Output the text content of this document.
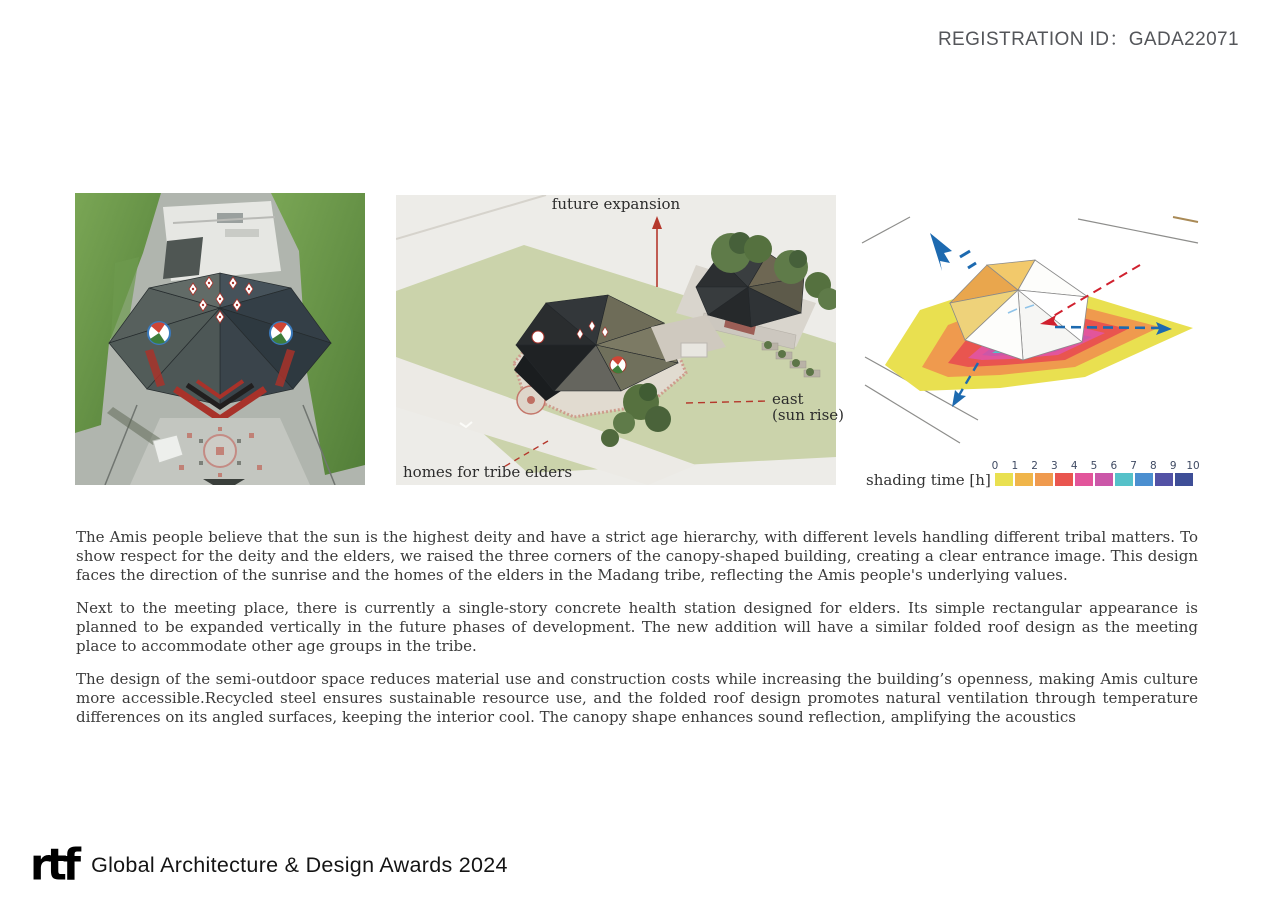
REGISTRATION ID：GADA22071
future expansion
east
(sun rise)
homes for tribe elders	shading time [h]
0 1 2 3 4 5 6 7 8 9 10

The Amis people believe that the sun is the highest deity and have a strict age hierarchy, with different levels handling different tribal matters. To show respect for the deity and the elders, we raised the three corners of the canopy-shaped building, creating a clear entrance image. This design faces the direction of the sunrise and the homes of the elders in the Madang tribe, reflecting the Amis people's underlying values.

Next to the meeting place, there is currently a single-story concrete health station designed for elders. Its simple rectangular appearance is planned to be expanded vertically in the future phases of development. The new addition will have a similar folded roof design as the meeting place to accommodate other age groups in the tribe.

The design of the semi-outdoor space reduces material use and construction costs while increasing the building’s openness, making Amis culture more accessible.Recycled steel ensures sustainable resource use, and the folded roof design promotes natural ventilation through temperature differences on its angled surfaces, keeping the interior cool. The canopy shape enhances sound reflection, amplifying the acoustics

rtf Global Architecture & Design Awards 2024
